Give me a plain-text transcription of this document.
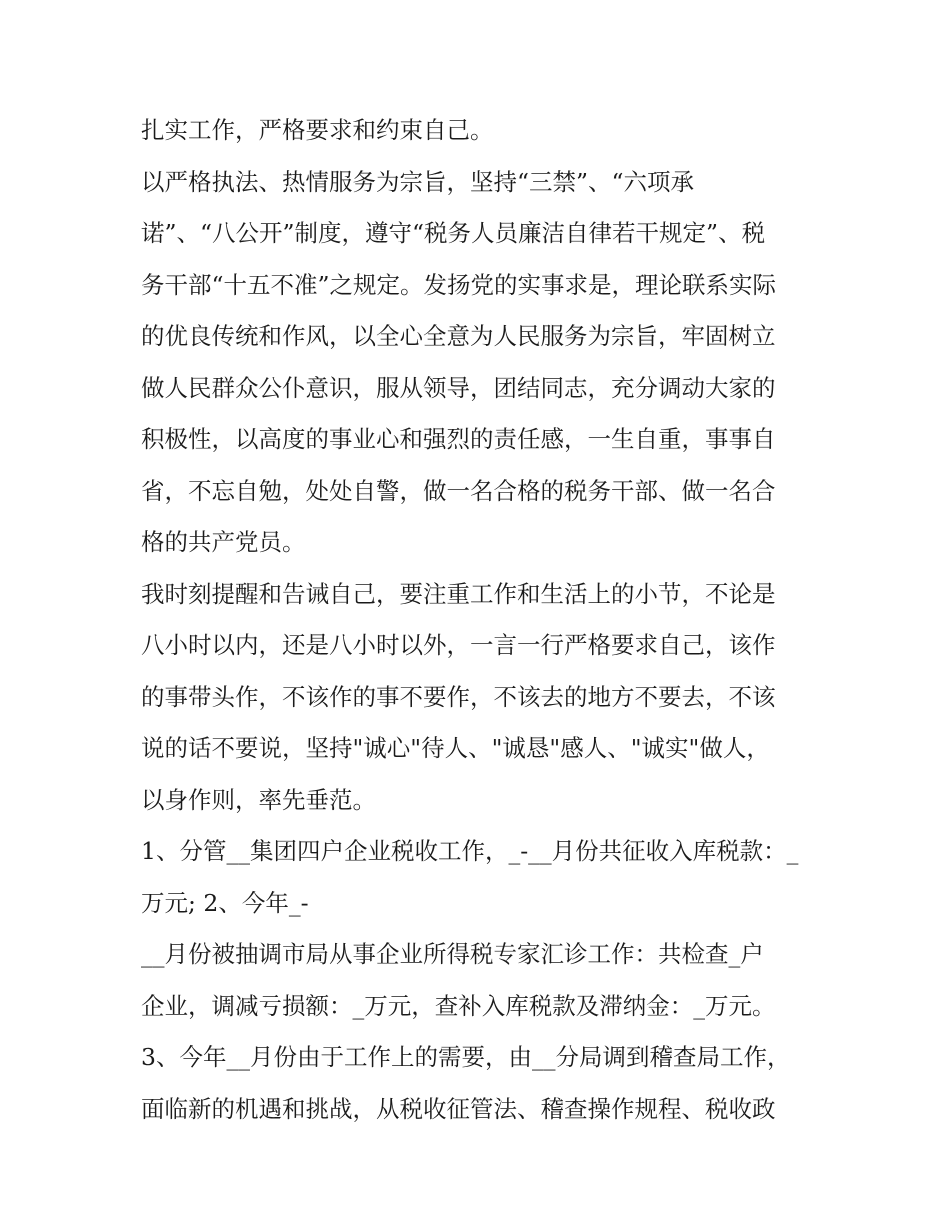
扎实工作，严格要求和约束自己。
以严格执法、热情服务为宗旨，坚持“三禁”、“六项承
诺”、“八公开”制度，遵守“税务人员廉洁自律若干规定”、税
务干部“十五不准”之规定。发扬党的实事求是，理论联系实际
的优良传统和作风，以全心全意为人民服务为宗旨，牢固树立
做人民群众公仆意识，服从领导，团结同志，充分调动大家的
积极性，以高度的事业心和强烈的责任感，一生自重，事事自
省，不忘自勉，处处自警，做一名合格的税务干部、做一名合
格的共产党员。
我时刻提醒和告诫自己，要注重工作和生活上的小节，不论是
八小时以内，还是八小时以外，一言一行严格要求自己，该作
的事带头作，不该作的事不要作，不该去的地方不要去，不该
说的话不要说，坚持"诚心"待人、"诚恳"感人、"诚实"做人，
以身作则，率先垂范。
1、分管__集团四户企业税收工作，_-__月份共征收入库税款：_
万元; 2、今年_-
__月份被抽调市局从事企业所得税专家汇诊工作：共检查_户
企业，调减亏损额：_万元，查补入库税款及滞纳金：_万元。
3、今年__月份由于工作上的需要，由__分局调到稽查局工作，
面临新的机遇和挑战，从税收征管法、稽查操作规程、税收政
